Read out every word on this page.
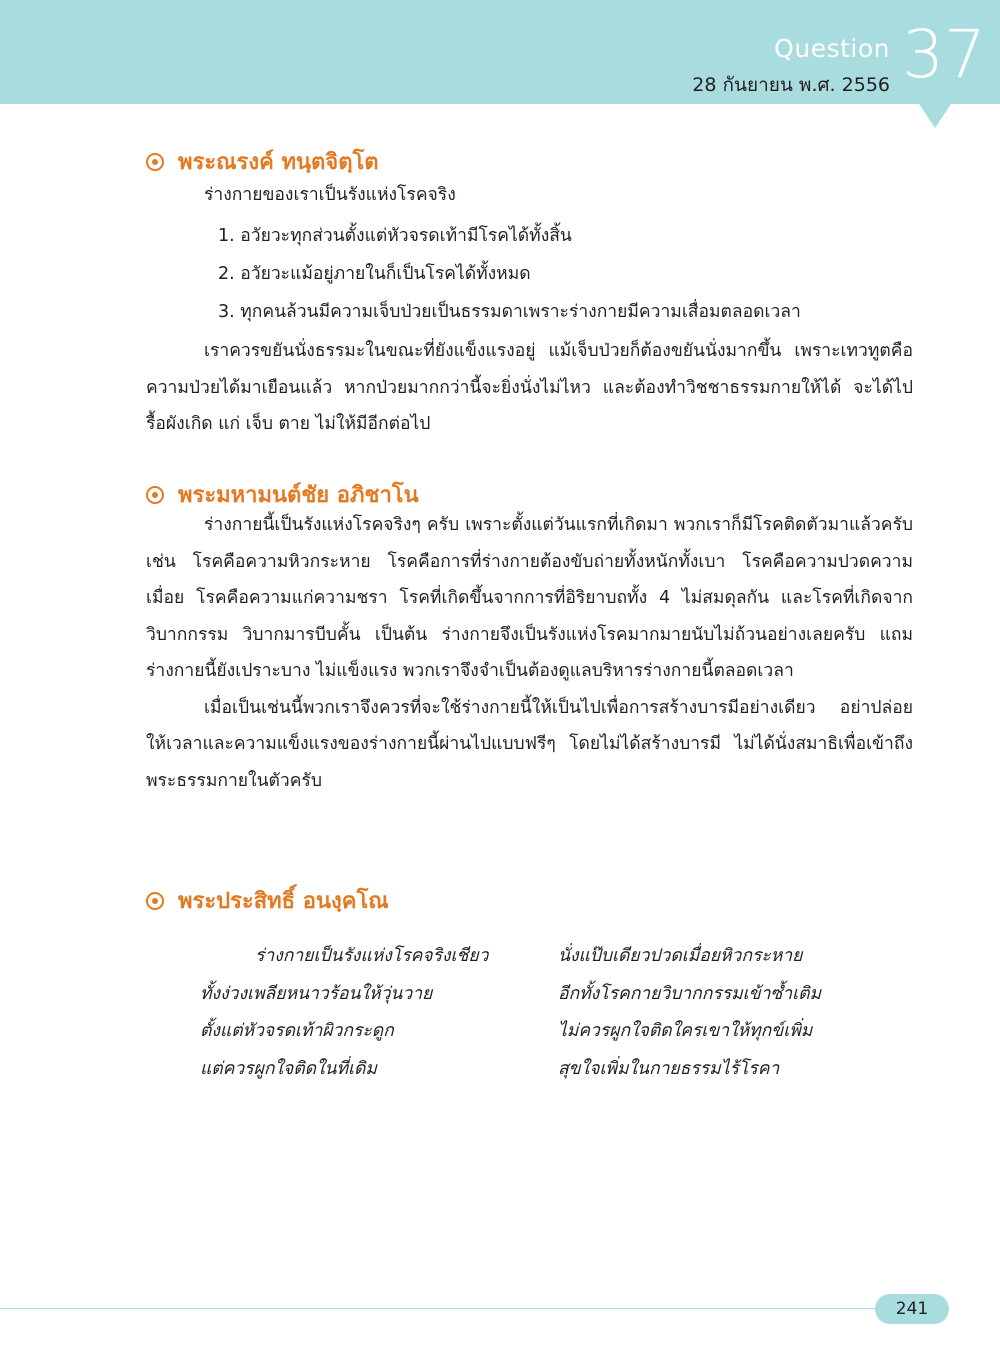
Question
28 กันยายน พ.ศ. 2556 37
พระณรงค์ ทนฺตจิตฺโต
ร่างกายของเราเป็นรังแห่งโรคจริง
1. อวัยวะทุกส่วนตั้งแต่หัวจรดเท้ามีโรคได้ทั้งสิ้น
2. อวัยวะแม้อยู่ภายในก็เป็นโรคได้ทั้งหมด
3. ทุกคนล้วนมีความเจ็บป่วยเป็นธรรมดาเพราะร่างกายมีความเสื่อมตลอดเวลา

เราควรขยันนั่งธรรมะในขณะที่ยังแข็งแรงอยู่ แม้เจ็บป่วยก็ต้องขยันนั่งมากขึ้น เพราะเทวทูตคือความป่วยได้มาเยือนแล้ว หากป่วยมากกว่านี้จะยิ่งนั่งไม่ไหว และต้องทำวิชชาธรรมกายให้ได้ จะได้ไปรื้อผังเกิด แก่ เจ็บ ตาย ไม่ให้มีอีกต่อไป

พระมหามนต์ชัย อภิชาโน

ร่างกายนี้เป็นรังแห่งโรคจริงๆ ครับ เพราะตั้งแต่วันแรกที่เกิดมา พวกเราก็มีโรคติดตัวมาแล้วครับ เช่น โรคคือความหิวกระหาย โรคคือการที่ร่างกายต้องขับถ่ายทั้งหนักทั้งเบา โรคคือความปวดความเมื่อย โรคคือความแก่ความชรา โรคที่เกิดขึ้นจากการที่อิริยาบถทั้ง 4 ไม่สมดุลกัน และโรคที่เกิดจากวิบากกรรม วิบากมารบีบคั้น เป็นต้น ร่างกายจึงเป็นรังแห่งโรคมากมายนับไม่ถ้วนอย่างเลยครับ แถมร่างกายนี้ยังเปราะบาง ไม่แข็งแรง พวกเราจึงจำเป็นต้องดูแลบริหารร่างกายนี้ตลอดเวลา

เมื่อเป็นเช่นนี้พวกเราจึงควรที่จะใช้ร่างกายนี้ให้เป็นไปเพื่อการสร้างบารมีอย่างเดียว อย่าปล่อยให้เวลาและความแข็งแรงของร่างกายนี้ผ่านไปแบบฟรีๆ โดยไม่ได้สร้างบารมี ไม่ได้นั่งสมาธิเพื่อเข้าถึงพระธรรมกายในตัวครับ

พระประสิทธิ์ อนงฺคโณ
ร่างกายเป็นรังแห่งโรคจริงเชียว	นั่งแป๊บเดียวปวดเมื่อยหิวกระหาย
ทั้งง่วงเพลียหนาวร้อนให้วุ่นวาย	อีกทั้งโรคกายวิบากกรรมเข้าซ้ำเติม
ตั้งแต่หัวจรดเท้าผิวกระดูก	ไม่ควรผูกใจติดใครเขาให้ทุกข์เพิ่ม
แต่ควรผูกใจติดในที่เดิม	สุขใจเพิ่มในกายธรรมไร้โรคา
241
